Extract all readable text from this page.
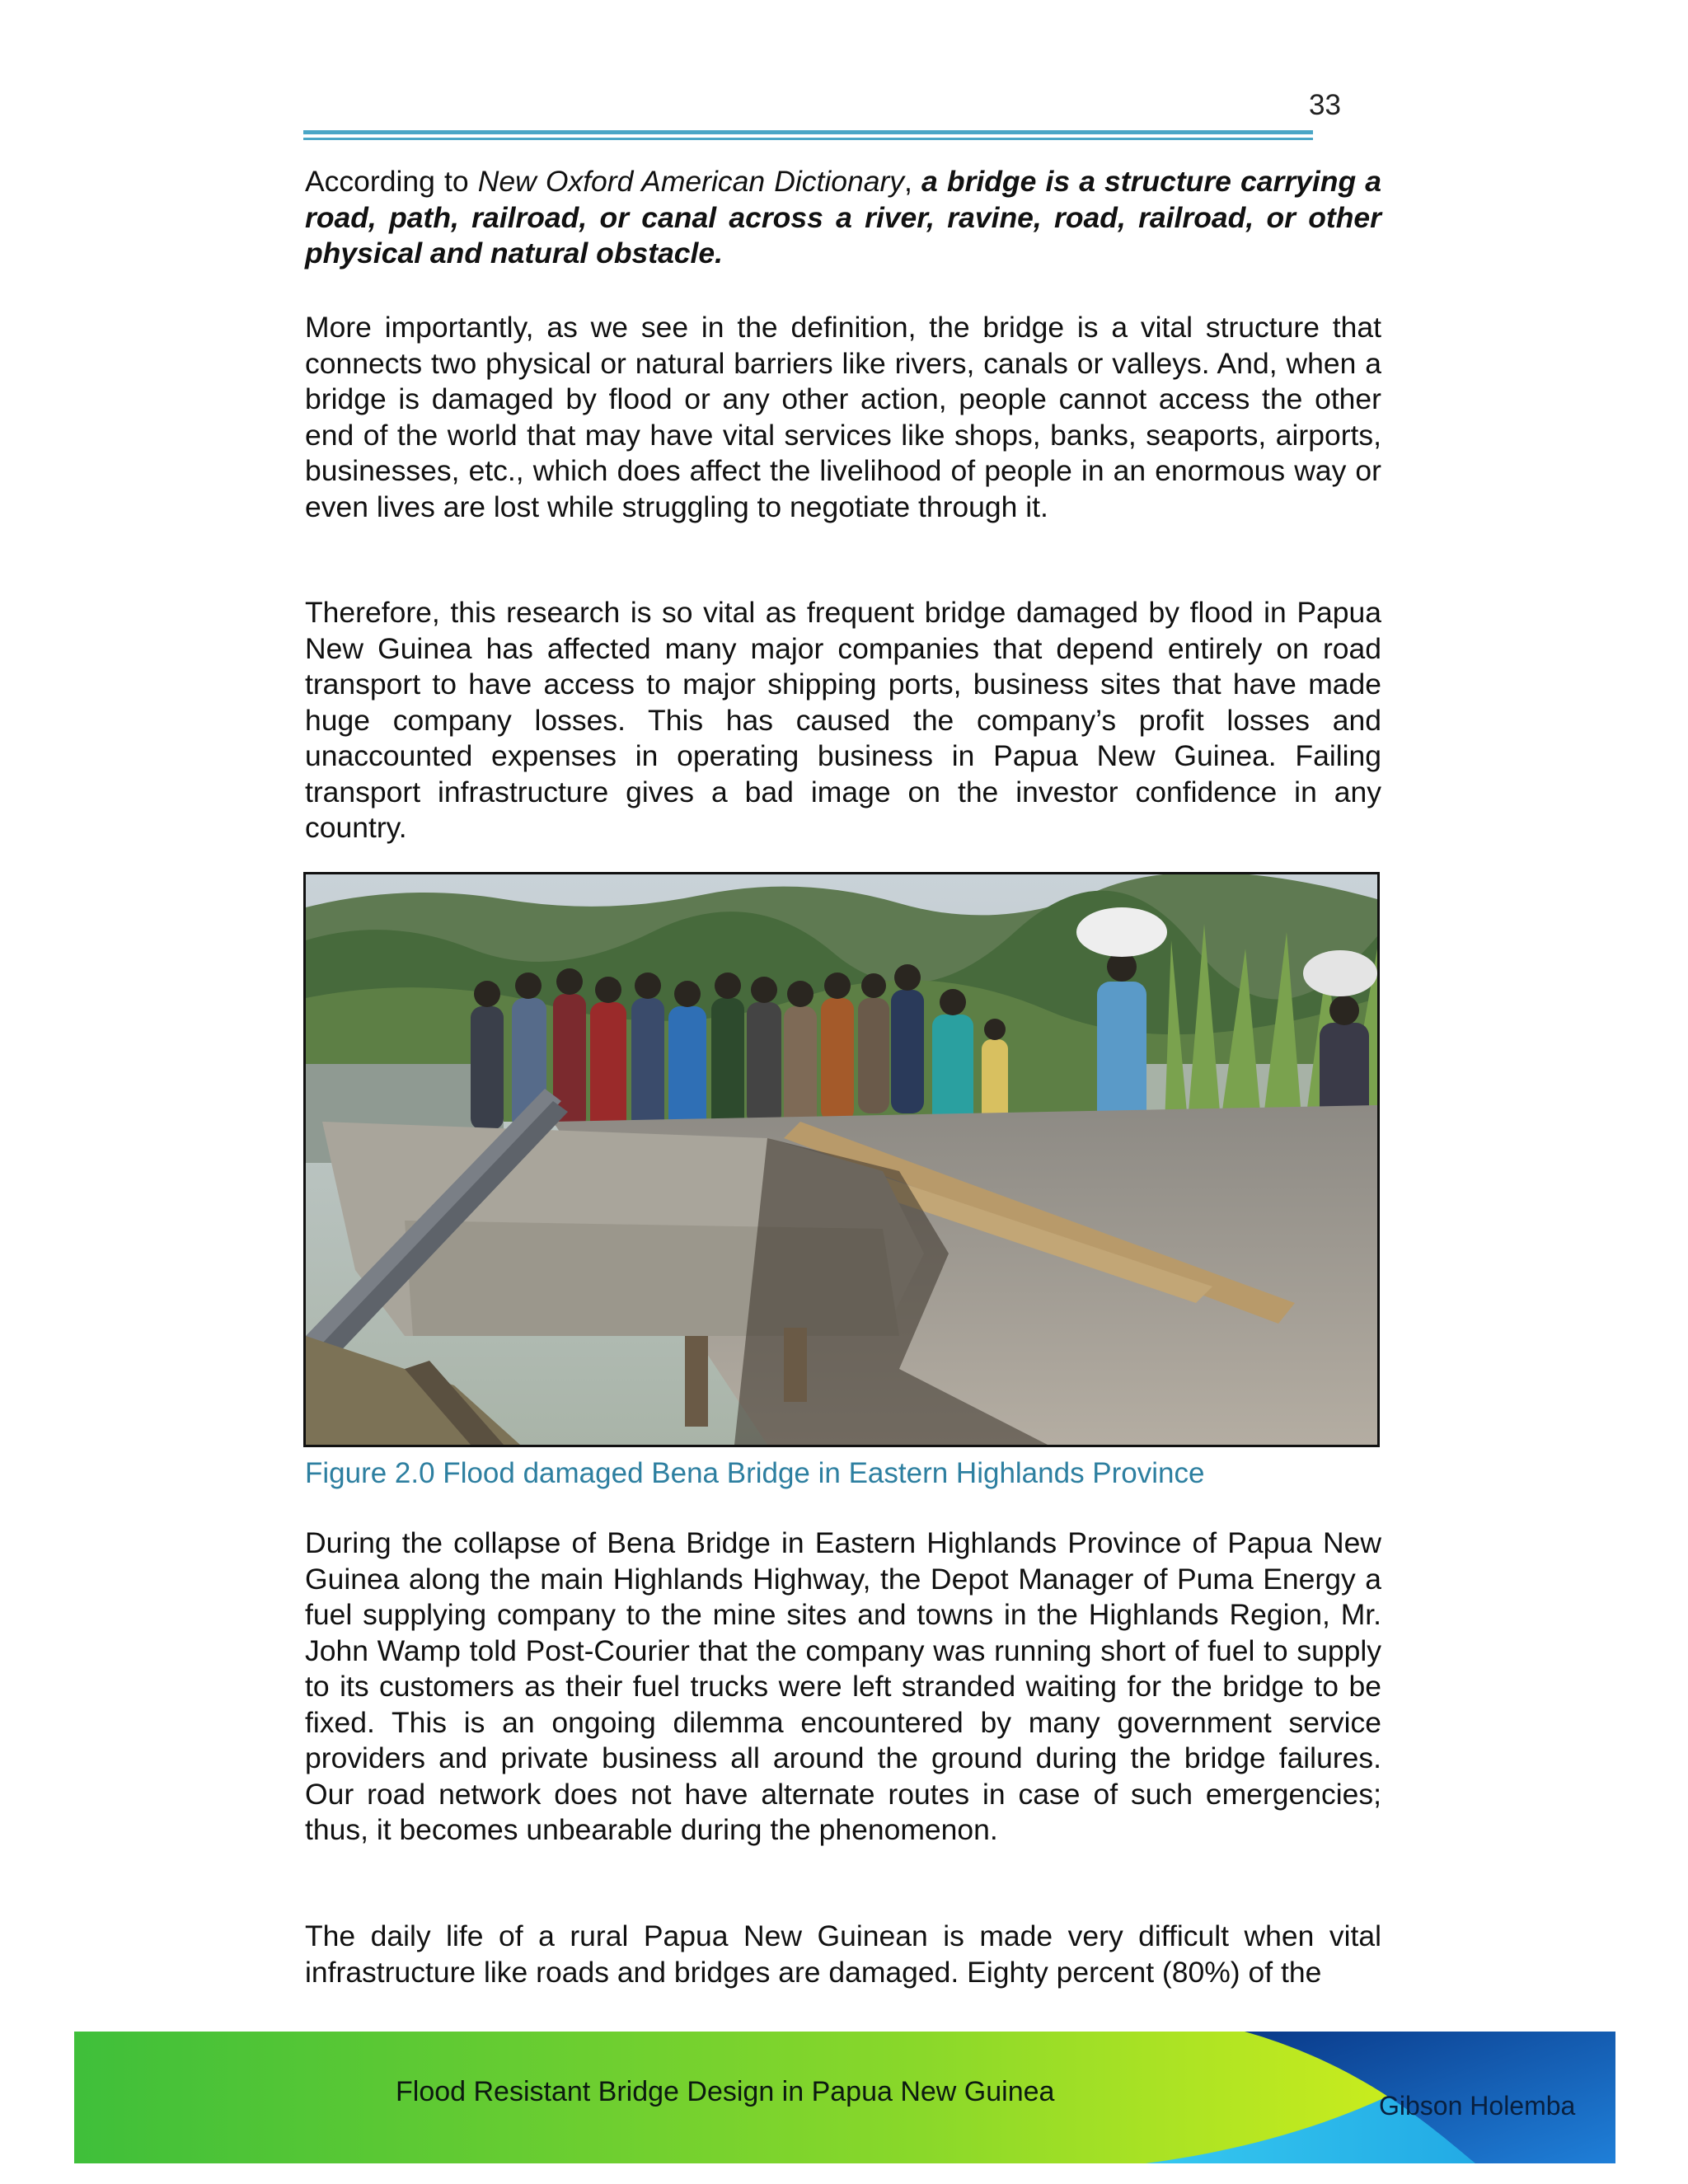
33

According to New Oxford American Dictionary, a bridge is a structure carrying a road, path, railroad, or canal across a river, ravine, road, railroad, or other physical and natural obstacle.

More importantly, as we see in the definition, the bridge is a vital structure that connects two physical or natural barriers like rivers, canals or valleys. And, when a bridge is damaged by flood or any other action, people cannot access the other end of the world that may have vital services like shops, banks, seaports, airports, businesses, etc., which does affect the livelihood of people in an enormous way or even lives are lost while struggling to negotiate through it.

Therefore, this research is so vital as frequent bridge damaged by flood in Papua New Guinea has affected many major companies that depend entirely on road transport to have access to major shipping ports, business sites that have made huge company losses. This has caused the company’s profit losses and unaccounted expenses in operating business in Papua New Guinea. Failing transport infrastructure gives a bad image on the investor confidence in any country.

Figure 2.0 Flood damaged Bena Bridge in Eastern Highlands Province

During the collapse of Bena Bridge in Eastern Highlands Province of Papua New Guinea along the main Highlands Highway, the Depot Manager of Puma Energy a fuel supplying company to the mine sites and towns in the Highlands Region, Mr. John Wamp told Post-Courier that the company was running short of fuel to supply to its customers as their fuel trucks were left stranded waiting for the bridge to be fixed. This is an ongoing dilemma encountered by many government service providers and private business all around the ground during the bridge failures. Our road network does not have alternate routes in case of such emergencies; thus, it becomes unbearable during the phenomenon.

The daily life of a rural Papua New Guinean is made very difficult when vital infrastructure like roads and bridges are damaged. Eighty percent (80%) of the

Flood Resistant Bridge Design in Papua New Guinea	Gibson Holemba
